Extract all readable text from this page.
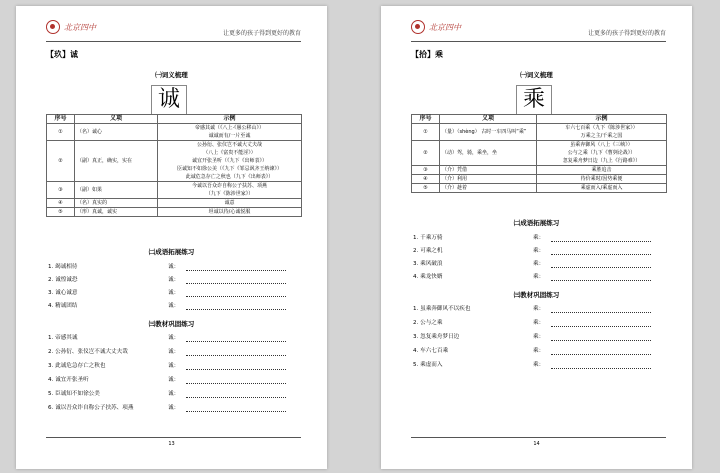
北京四中
让更多的孩子得到更好的教育
【玖】诚
㈠词义梳理
诚
序号	义项	示例
①	（名）诚心	帝感其诚（《八上·《愚公移山》）
诚诚而有/一片至诚

②	（副）真正，确实，实在	公孙衍、张仪岂不诚大丈夫哉
（八上《富贵不能淫》）
诚宜开张圣听（《九下《出师表》）
臣诚知不如徐公美（《九下《邹忌讽齐王纳谏》）
此诚危急存亡之秋也（九下《出师表》）

③	（副）如果	今诚以吾众诈自称公子扶苏、项燕
（九下《陈涉世家》）

④	（名）真实的	诚意

⑤	（形）真诚，诚实	坦诚以待/心诚悦服
㈡成语拓展练习
1. 竭诚相待	诚：
2. 诚惶诚恐	诚：
3. 诚心诚意	诚：
4. 精诚团结	诚：
㈢教材巩固练习
1. 帝感其诚	诚：
2. 公孙衍、张仪岂不诚大丈夫哉	诚：
3. 此诚危急存亡之秋也	诚：
4. 诚宜开张圣听	诚：
5. 臣诚知不如徐公美	诚：
6. 诚以吾众诈自称公子扶苏、项燕	诚：
13
北京四中
让更多的孩子得到更好的教育
【拾】乘
㈠词义梳理
乘
序号	义项	示例
①	（量）（shèng） 古时一车四马叫“乘”	车六七百乘（九下《陈涉世家》）
万乘之主/千乘之国

②	（动）驾，骑，乘坐，坐	虽乘奔御风（八上《三峡》）
公与之乘（九下《曹刿论战》）
忽复乘舟梦日边（九上《行路难》）

③	（介）凭借	乘胜追击

④	（介）利用	待价乘时/因势乘便

⑤	（介）趁着	乘虚而入/乘虚而入
㈡成语拓展练习
1. 千乘万骑	乘：
2. 可乘之机	乘：
3. 乘风破浪	乘：
4. 乘龙快婿	乘：
㈢教材巩固练习
1. 虽乘奔御风不以疾也	乘：
2. 公与之乘	乘：
3. 忽复乘舟梦日边	乘：
4. 车六七百乘	乘：
5. 乘虚而入	乘：
14
